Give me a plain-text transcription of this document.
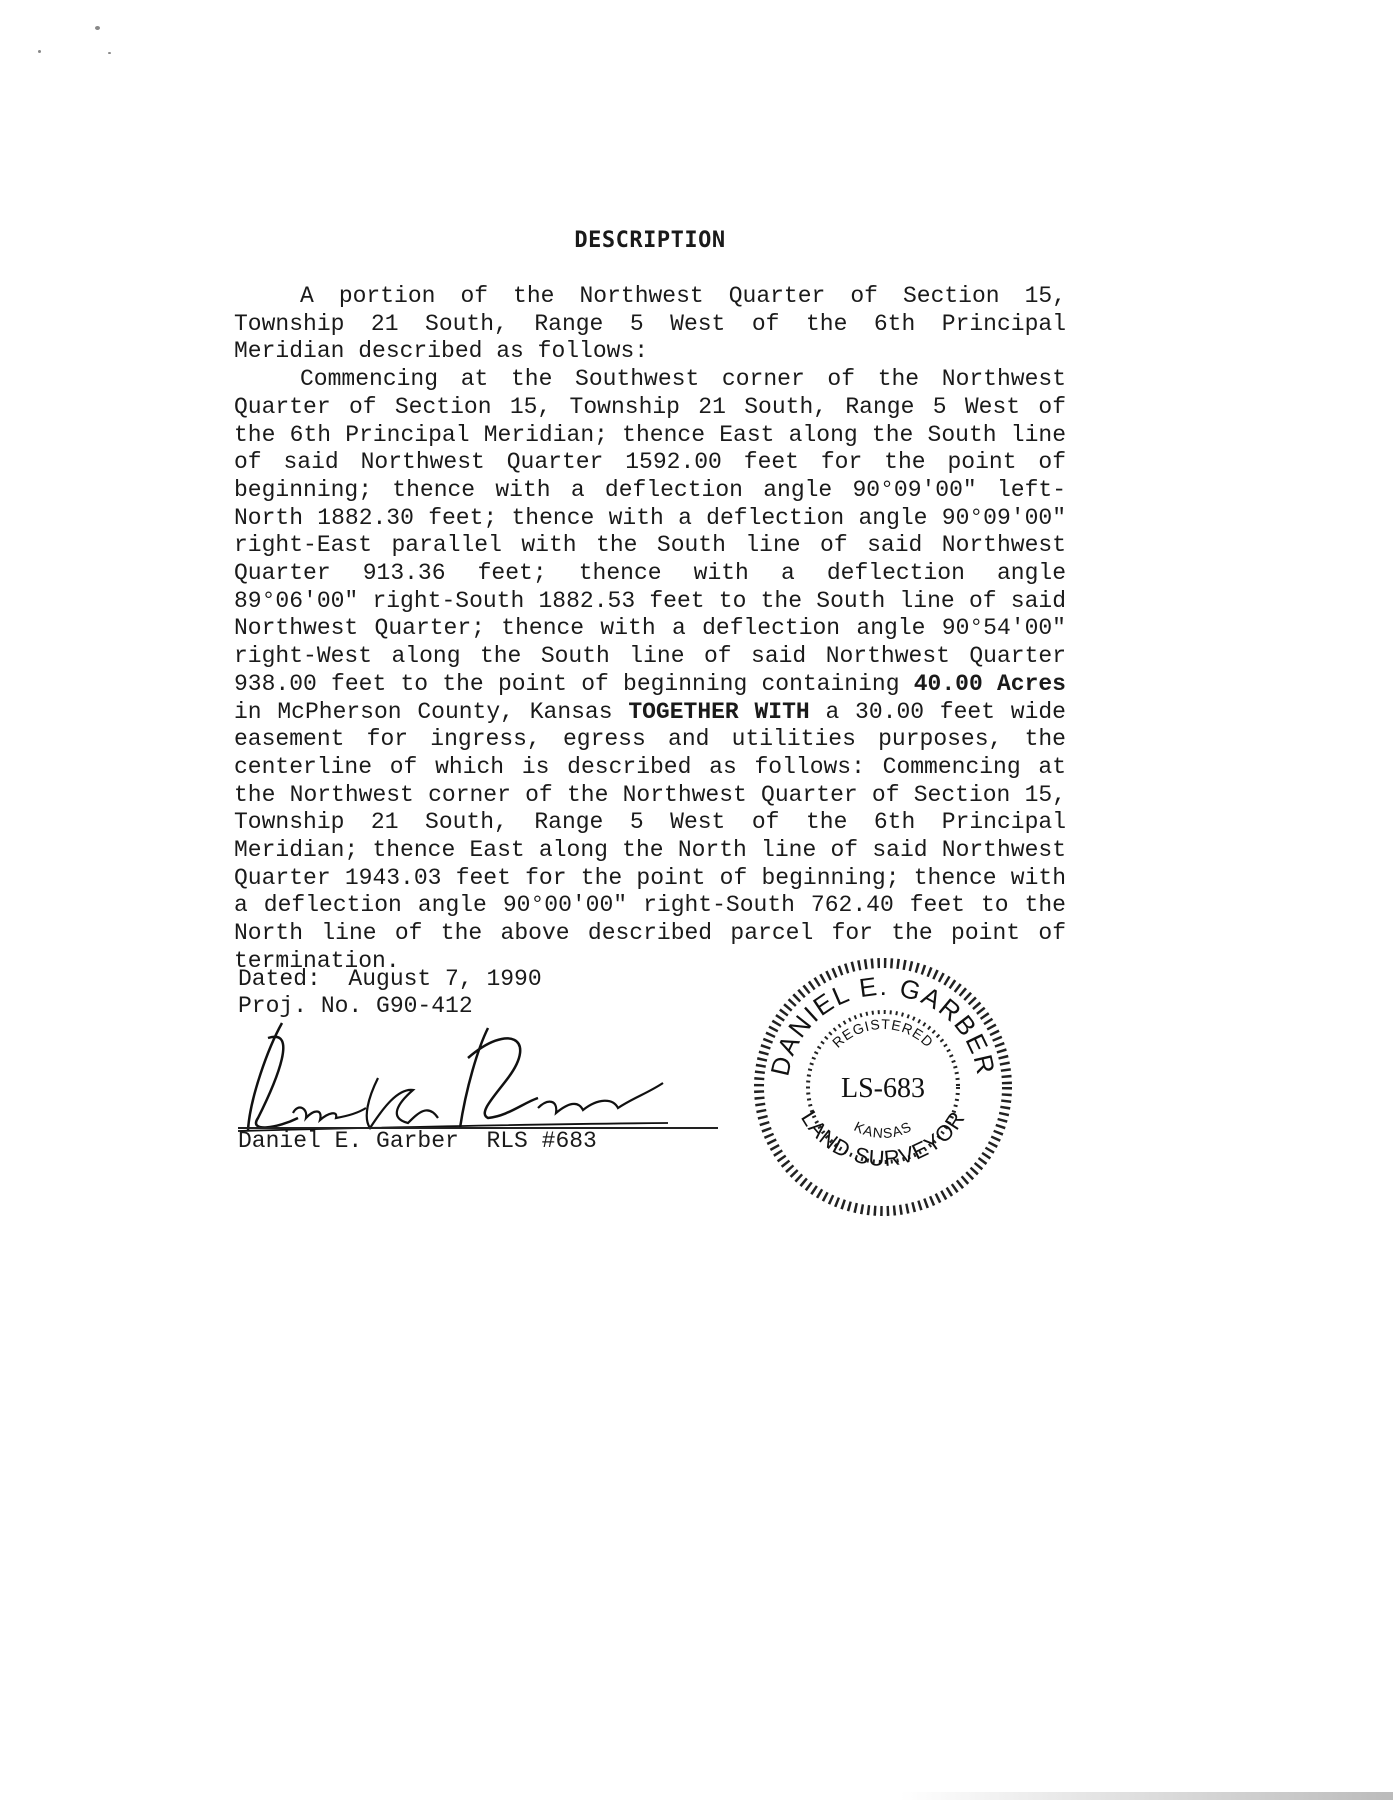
DESCRIPTION

A portion of the Northwest Quarter of Section 15, Township 21 South, Range 5 West of the 6th Principal Meridian described as follows:

Commencing at the Southwest corner of the Northwest Quarter of Section 15, Township 21 South, Range 5 West of the 6th Principal Meridian; thence East along the South line of said Northwest Quarter 1592.00 feet for the point of beginning; thence with a deflection angle 90°09'00" left-North 1882.30 feet; thence with a deflection angle 90°09'00" right-East parallel with the South line of said Northwest Quarter 913.36 feet; thence with a deflection angle 89°06'00" right-South 1882.53 feet to the South line of said Northwest Quarter; thence with a deflection angle 90°54'00" right-West along the South line of said Northwest Quarter 938.00 feet to the point of beginning containing 40.00 Acres in McPherson County, Kansas TOGETHER WITH a 30.00 feet wide easement for ingress, egress and utilities purposes, the centerline of which is described as follows: Commencing at the Northwest corner of the Northwest Quarter of Section 15, Township 21 South, Range 5 West of the 6th Principal Meridian; thence East along the North line of said Northwest Quarter 1943.03 feet for the point of beginning; thence with a deflection angle 90°00'00" right-South 762.40 feet to the North line of the above described parcel for the point of termination.

Dated:  August 7, 1990
Proj. No. G90-412
Daniel E. Garber  RLS #683
DANIEL E. GARBER
LAND SURVEYOR
REGISTERED
KANSAS
LS-683
